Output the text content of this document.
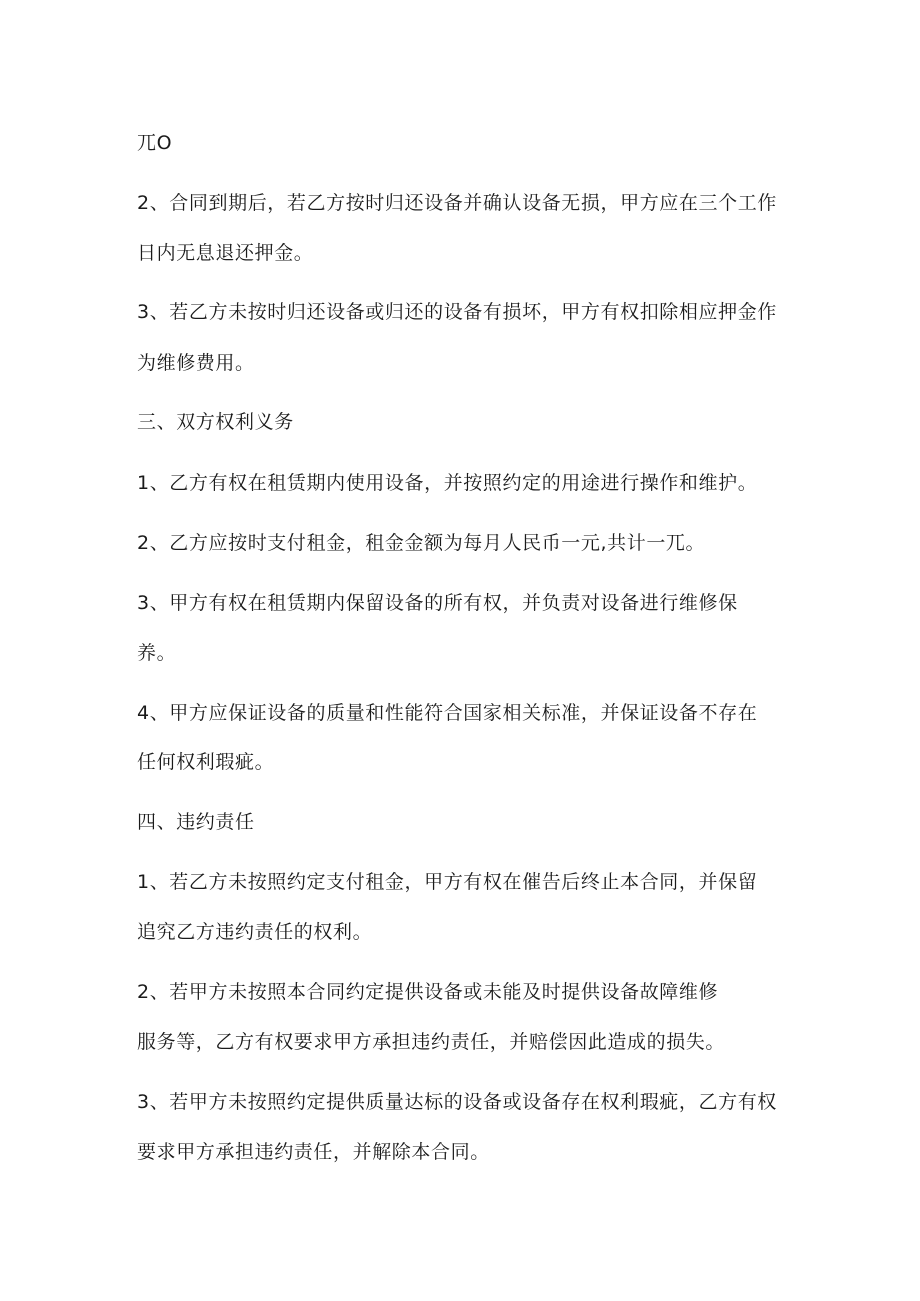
兀O
2、合同到期后，若乙方按时归还设备并确认设备无损，甲方应在三个工作
日内无息退还押金。
3、若乙方未按时归还设备或归还的设备有损坏，甲方有权扣除相应押金作
为维修费用。
三、双方权利义务
1、乙方有权在租赁期内使用设备，并按照约定的用途进行操作和维护。
2、乙方应按时支付租金，租金金额为每月人民币一元,共计一兀。
3、甲方有权在租赁期内保留设备的所有权，并负责对设备进行维修保
养。
4、甲方应保证设备的质量和性能符合国家相关标准，并保证设备不存在
任何权利瑕疵。
四、违约责任
1、若乙方未按照约定支付租金，甲方有权在催告后终止本合同，并保留
追究乙方违约责任的权利。
2、若甲方未按照本合同约定提供设备或未能及时提供设备故障维修
服务等，乙方有权要求甲方承担违约责任，并赔偿因此造成的损失。
3、若甲方未按照约定提供质量达标的设备或设备存在权利瑕疵，乙方有权
要求甲方承担违约责任，并解除本合同。
